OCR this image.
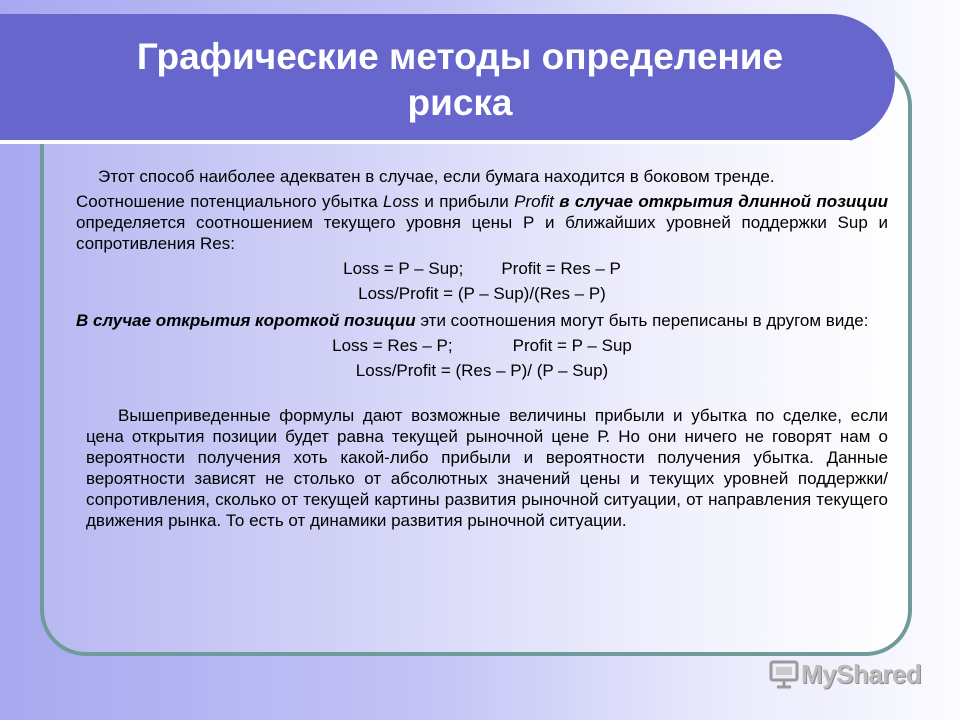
Графические методы определение
риска

Этот способ наиболее адекватен в случае, если бумага находится в боковом тренде.

Соотношение потенциального убытка Loss и прибыли Profit в случае открытия длинной позиции определяется соотношением текущего уровня цены Р и ближайших уровней поддержки Sup и сопротивления Res:

Loss = P – Sup; Profit = Res – P

Loss/Profit = (P – Sup)/(Res – P)

В случае открытия короткой позиции эти соотношения могут быть переписаны в другом виде:

Loss = Res – P;	Profit = P – Sup

Loss/Profit = (Res – P)/ (P – Sup)

Вышеприведенные формулы дают возможные величины прибыли и убытка по сделке, если цена открытия позиции будет равна текущей рыночной цене Р. Но они ничего не говорят нам о вероятности получения хоть какой-либо прибыли и вероятности получения убытка. Данные вероятности зависят не столько от абсолютных значений цены и текущих уровней поддержки/сопротивления, сколько от текущей картины развития рыночной ситуации, от направления текущего движения рынка. То есть от динамики развития рыночной ситуации.

MyShared
